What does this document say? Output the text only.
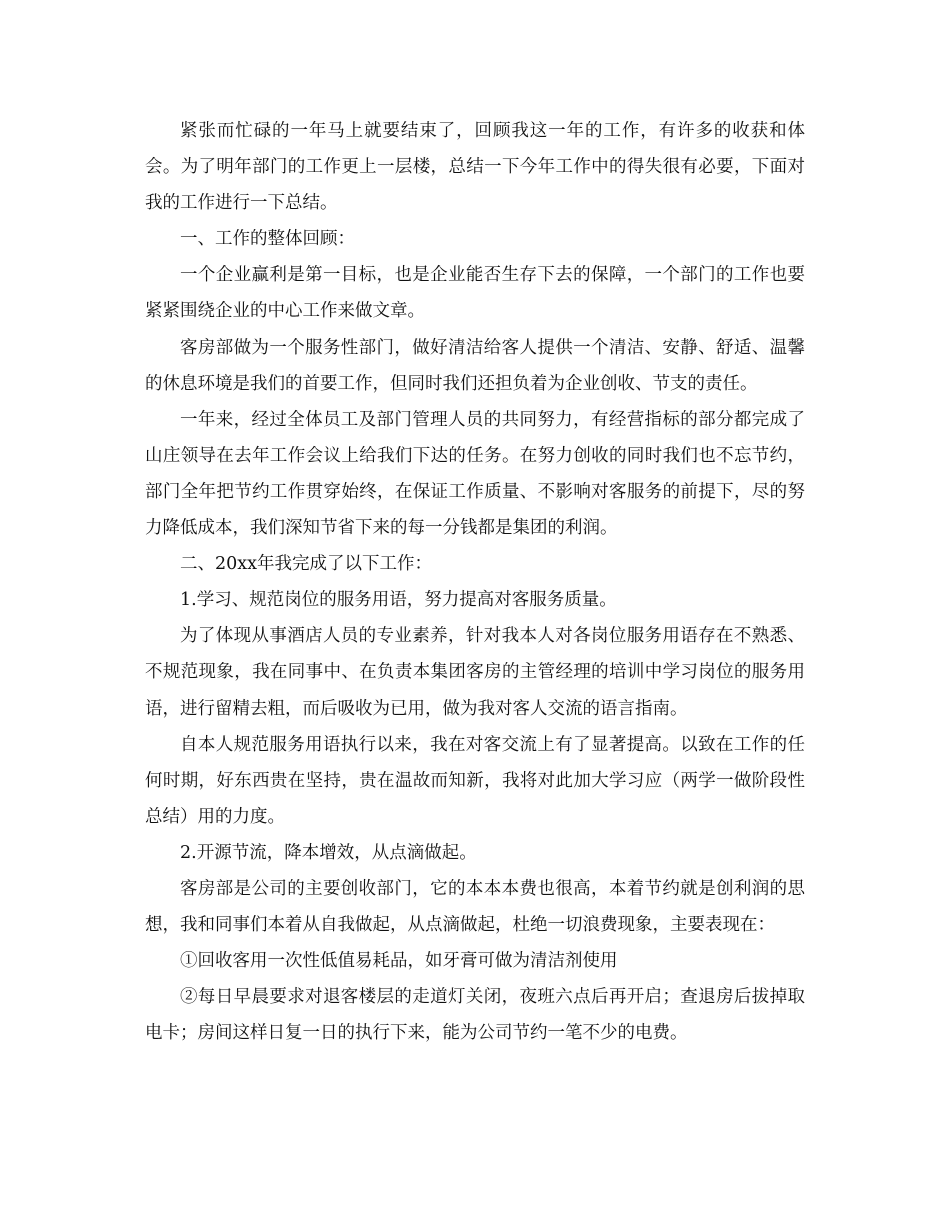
紧张而忙碌的一年马上就要结束了，回顾我这一年的工作，有许多的收获和体会。为了明年部门的工作更上一层楼，总结一下今年工作中的得失很有必要，下面对我的工作进行一下总结。

一、工作的整体回顾：

一个企业赢利是第一目标，也是企业能否生存下去的保障，一个部门的工作也要紧紧围绕企业的中心工作来做文章。

客房部做为一个服务性部门，做好清洁给客人提供一个清洁、安静、舒适、温馨的休息环境是我们的首要工作，但同时我们还担负着为企业创收、节支的责任。

一年来，经过全体员工及部门管理人员的共同努力，有经营指标的部分都完成了山庄领导在去年工作会议上给我们下达的任务。在努力创收的同时我们也不忘节约，部门全年把节约工作贯穿始终，在保证工作质量、不影响对客服务的前提下，尽的努力降低成本，我们深知节省下来的每一分钱都是集团的利润。

二、20xx年我完成了以下工作：

1.学习、规范岗位的服务用语，努力提高对客服务质量。

为了体现从事酒店人员的专业素养，针对我本人对各岗位服务用语存在不熟悉、不规范现象，我在同事中、在负责本集团客房的主管经理的培训中学习岗位的服务用语，进行留精去粗，而后吸收为已用，做为我对客人交流的语言指南。

自本人规范服务用语执行以来，我在对客交流上有了显著提高。以致在工作的任何时期，好东西贵在坚持，贵在温故而知新，我将对此加大学习应（两学一做阶段性总结）用的力度。

2.开源节流，降本增效，从点滴做起。

客房部是公司的主要创收部门，它的本本本费也很高，本着节约就是创利润的思想，我和同事们本着从自我做起，从点滴做起，杜绝一切浪费现象，主要表现在：

①回收客用一次性低值易耗品，如牙膏可做为清洁剂使用

②每日早晨要求对退客楼层的走道灯关闭，夜班六点后再开启；查退房后拔掉取电卡；房间这样日复一日的执行下来，能为公司节约一笔不少的电费。
